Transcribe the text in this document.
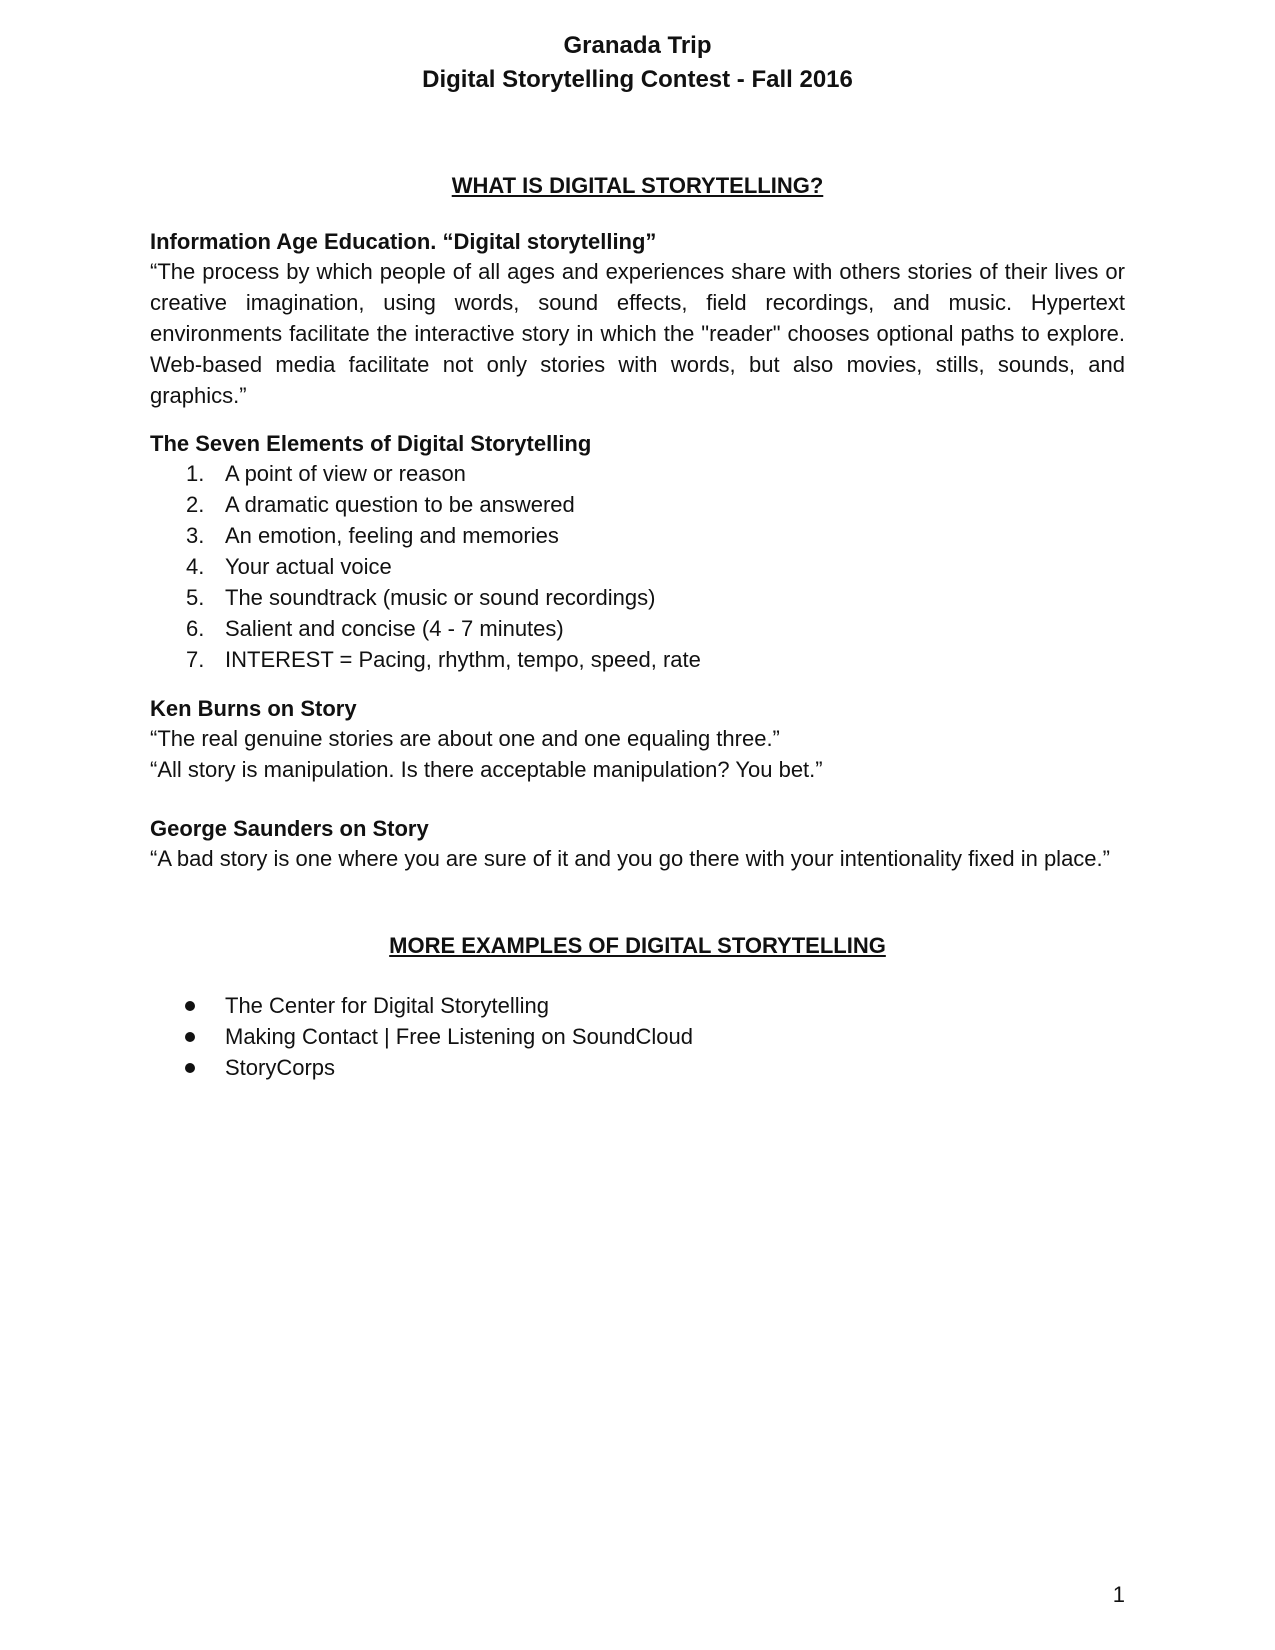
Granada Trip
Digital Storytelling Contest - Fall 2016
WHAT IS DIGITAL STORYTELLING?

Information Age Education. “Digital storytelling”

“The process by which people of all ages and experiences share with others stories of their lives or creative imagination, using words, sound effects, field recordings, and music. Hypertext environments facilitate the interactive story in which the "reader" chooses optional paths to explore. Web-based media facilitate not only stories with words, but also movies, stills, sounds, and graphics.”

The Seven Elements of Digital Storytelling

1. A point of view or reason
2. A dramatic question to be answered
3. An emotion, feeling and memories
4. Your actual voice
5. The soundtrack (music or sound recordings)
6. Salient and concise (4 - 7 minutes)
7. INTEREST = Pacing, rhythm, tempo, speed, rate

Ken Burns on Story

“The real genuine stories are about one and one equaling three.”

“All story is manipulation. Is there acceptable manipulation? You bet.”

George Saunders on Story

“A bad story is one where you are sure of it and you go there with your intentionality fixed in place.”

MORE EXAMPLES OF DIGITAL STORYTELLING
The Center for Digital Storytelling
Making Contact | Free Listening on SoundCloud
StoryCorps
1
